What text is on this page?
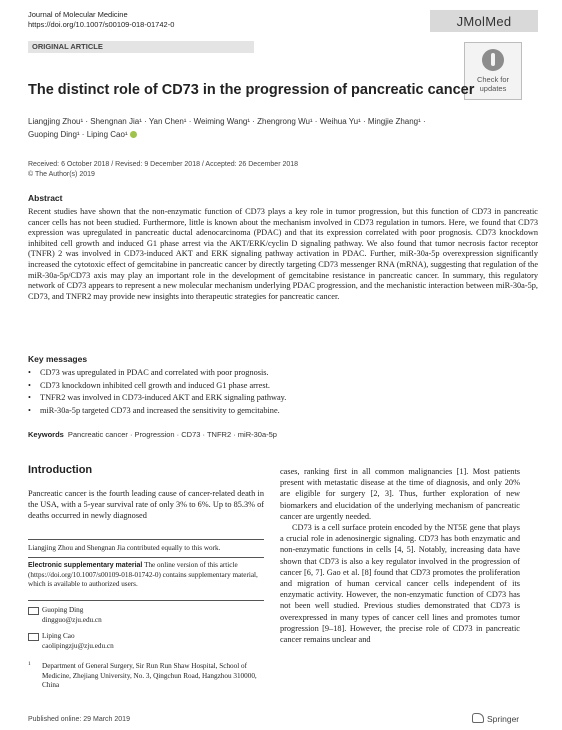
Journal of Molecular Medicine
https://doi.org/10.1007/s00109-018-01742-0	JMolMed
ORIGINAL ARTICLE
Check for
updates
The distinct role of CD73 in the progression of pancreatic cancer
Liangjing Zhou¹ · Shengnan Jia¹ · Yan Chen¹ · Weiming Wang¹ · Zhengrong Wu¹ · Weihua Yu¹ · Mingjie Zhang¹ ·
Guoping Ding¹ · Liping Cao¹
Received: 6 October 2018 / Revised: 9 December 2018 / Accepted: 26 December 2018
© The Author(s) 2019
Abstract
Recent studies have shown that the non-enzymatic function of CD73 plays a key role in tumor progression, but this function of CD73 in pancreatic cancer cells has not been studied. Furthermore, little is known about the mechanism involved in CD73 regulation in tumors. Here, we found that CD73 expression was upregulated in pancreatic ductal adenocarcinoma (PDAC) and that its expression correlated with poor prognosis. CD73 knockdown inhibited cell growth and induced G1 phase arrest via the AKT/ERK/cyclin D signaling pathway. We also found that tumor necrosis factor receptor (TNFR) 2 was involved in CD73-induced AKT and ERK signaling pathway activation in PDAC. Further, miR-30a-5p overexpression significantly increased the cytotoxic effect of gemcitabine in pancreatic cancer by directly targeting CD73 messenger RNA (mRNA), suggesting that regulation of the miR-30a-5p/CD73 axis may play an important role in the development of gemcitabine resistance in pancreatic cancer. In summary, this regulatory network of CD73 appears to represent a new molecular mechanism underlying PDAC progression, and the mechanistic interaction between miR-30a-5p, CD73, and TNFR2 may provide new insights into therapeutic strategies for pancreatic cancer.
Key messages
• CD73 was upregulated in PDAC and correlated with poor prognosis.
• CD73 knockdown inhibited cell growth and induced G1 phase arrest.
• TNFR2 was involved in CD73-induced AKT and ERK signaling pathway.
• miR-30a-5p targeted CD73 and increased the sensitivity to gemcitabine.
Keywords Pancreatic cancer · Progression · CD73 · TNFR2 · miR-30a-5p
Introduction
Pancreatic cancer is the fourth leading cause of cancer-related death in the USA, with a 5-year survival rate of only 3% to 6%. Up to 85.3% of deaths occurred in newly diagnosed
Liangjing Zhou and Shengnan Jia contributed equally to this work.
Electronic supplementary material The online version of this article (https://doi.org/10.1007/s00109-018-01742-0) contains supplementary material, which is available to authorized users.
Guoping Ding
dingguo@zju.edu.cn
Liping Cao
caolipingzju@zju.edu.cn
1 Department of General Surgery, Sir Run Run Shaw Hospital, School of Medicine, Zhejiang University, No. 3, Qingchun Road, Hangzhou 310000, China

cases, ranking first in all common malignancies [1]. Most patients present with metastatic disease at the time of diagnosis, and only 20% are eligible for surgery [2, 3]. Thus, further exploration of new biomarkers and elucidation of the underlying mechanism of pancreatic cancer are urgently needed.

CD73 is a cell surface protein encoded by the NT5E gene that plays a crucial role in adenosinergic signaling. CD73 has both enzymatic and non-enzymatic functions in cells [4, 5]. Notably, increasing data have shown that CD73 is also a key regulator involved in the progression of cancer [6, 7]. Gao et al. [8] found that CD73 promotes the proliferation and migration of human cervical cancer cells independent of its enzymatic activity. However, the non-enzymatic function of CD73 has not been well studied. Previous studies demonstrated that CD73 is overexpressed in many types of cancer cell lines and promotes tumor progression [9–18]. However, the precise role of CD73 in pancreatic cancer remains unclear and

Published online: 29 March 2019	Springer
